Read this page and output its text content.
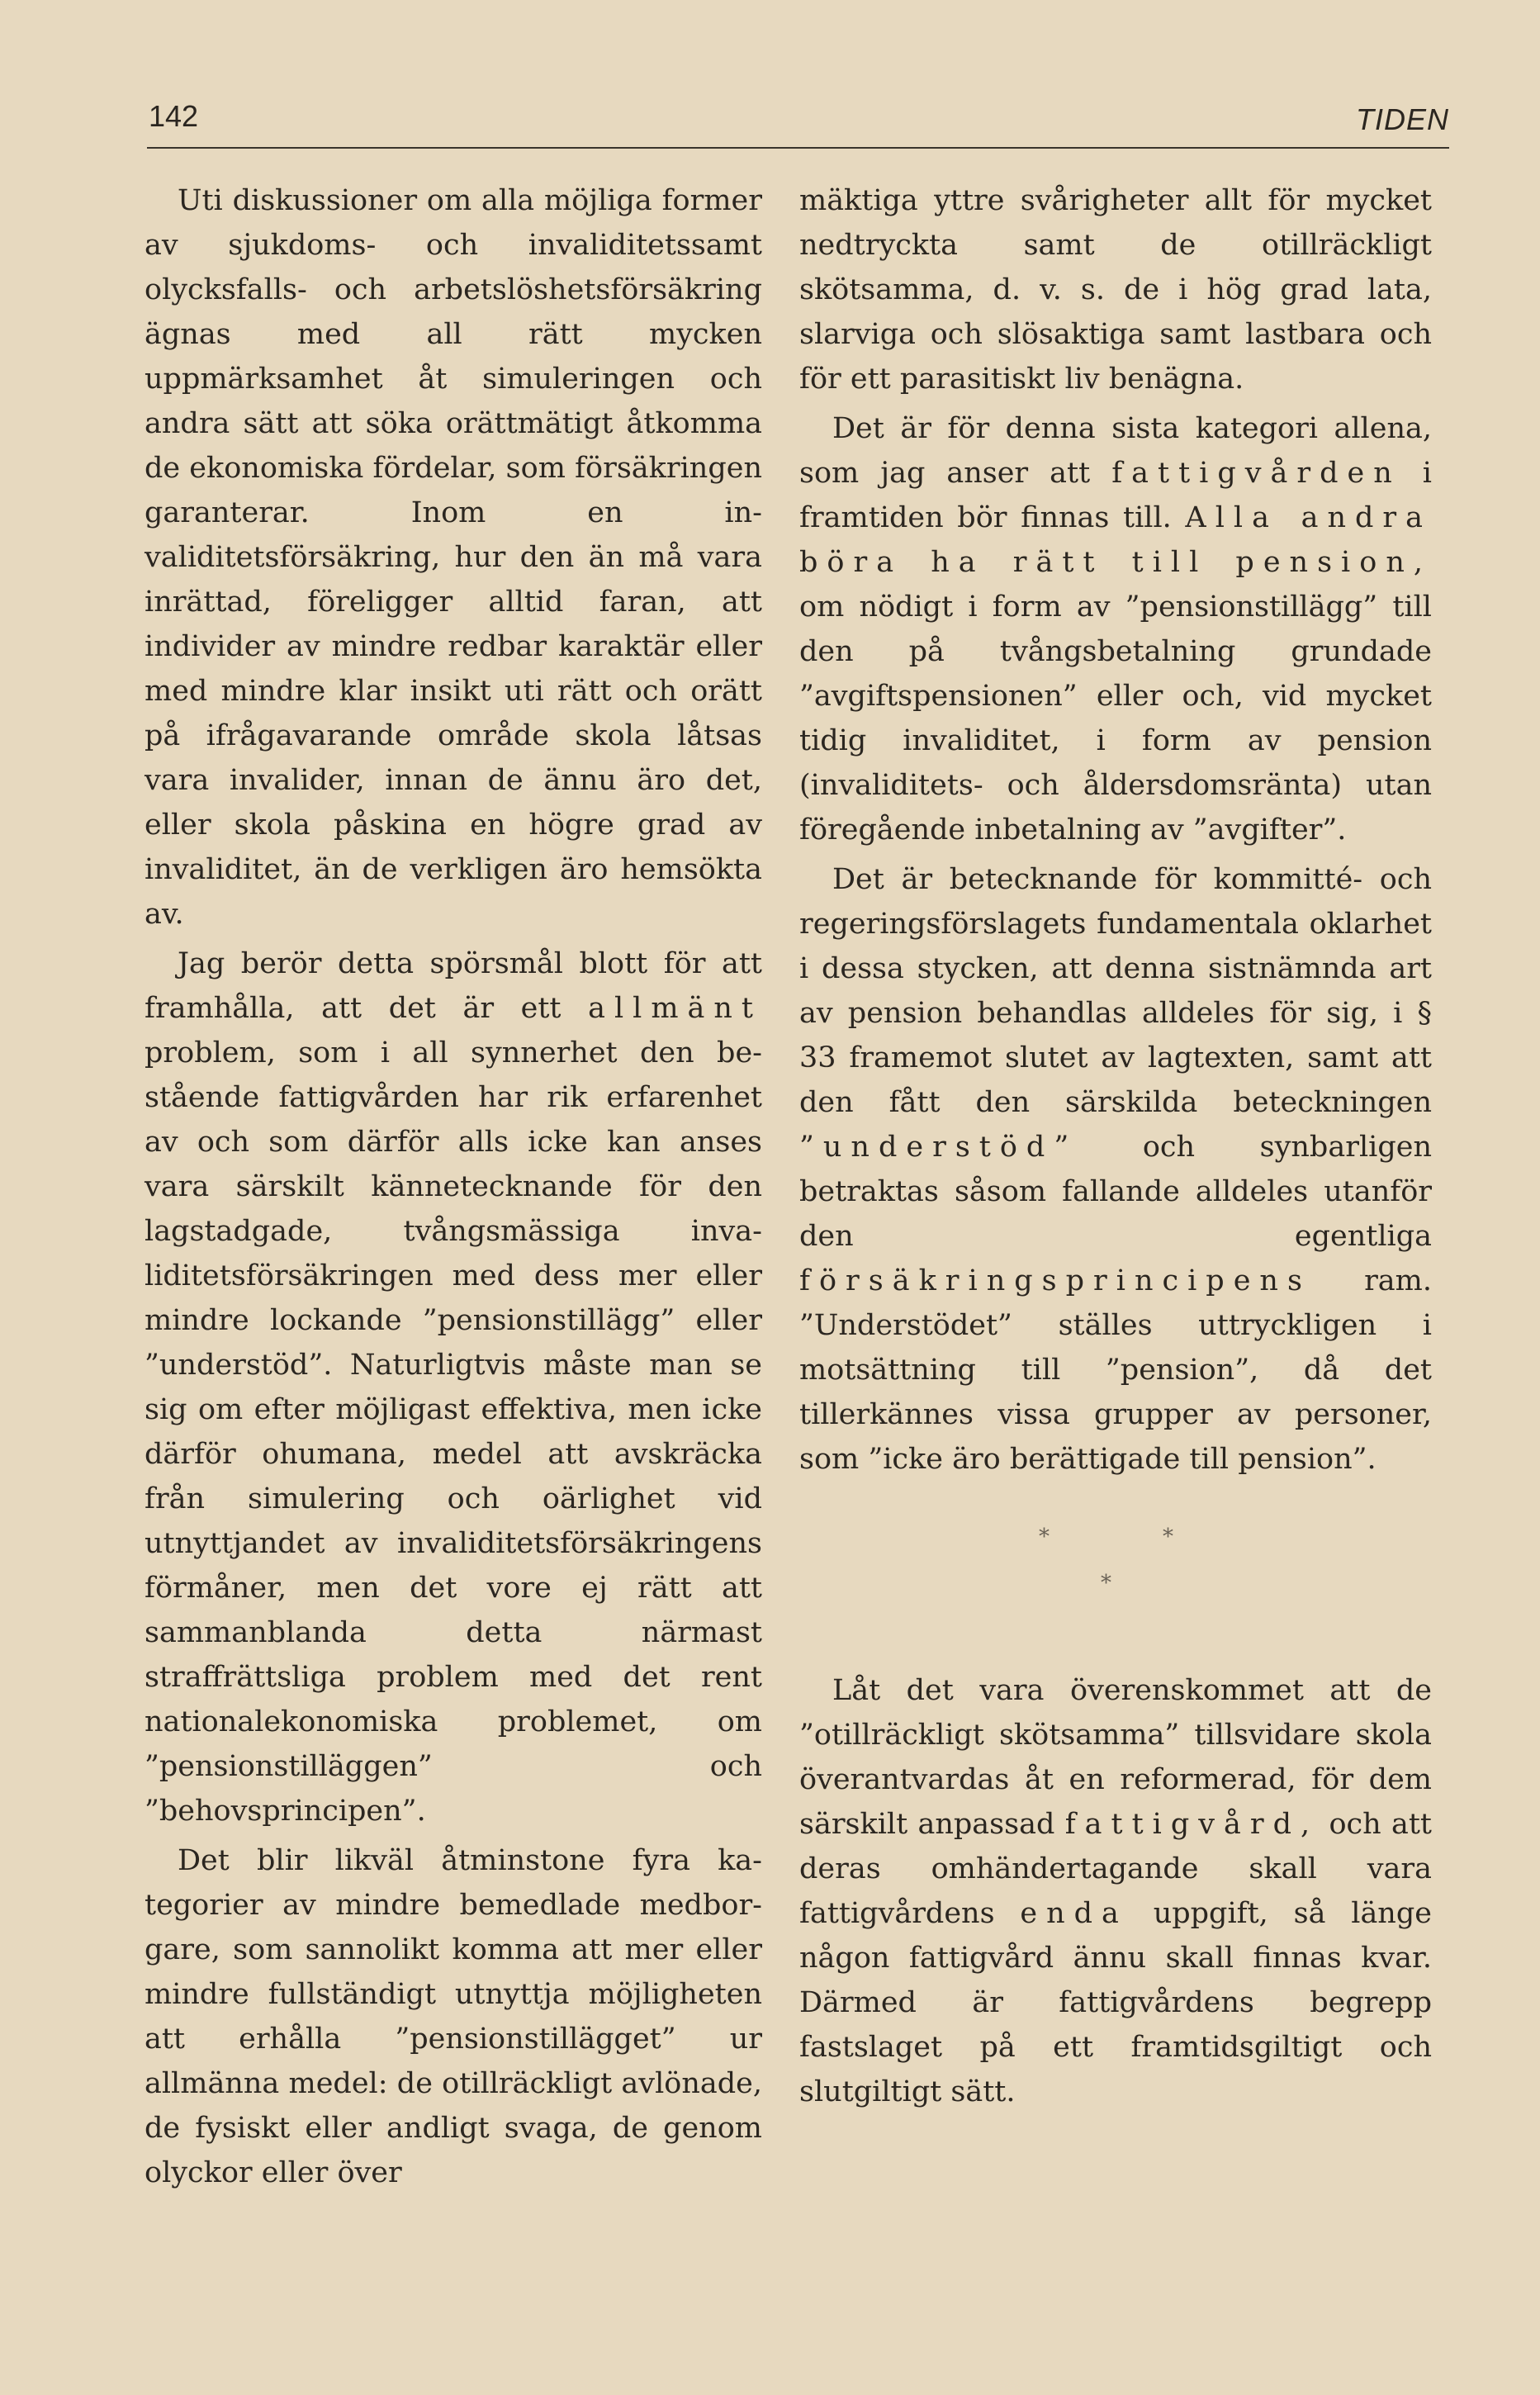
142	TIDEN

Uti diskussioner om alla möjliga former av sjukdoms- och invaliditetssamt olycksfalls- och arbetslöshetsförsäkring ägnas med all rätt mycken uppmärksamhet åt simuleringen och andra sätt att söka orättmätigt åtkomma de ekonomiska fördelar, som försäkringen garanterar. Inom en invaliditetsförsäkring, hur den än må vara inrättad, föreligger alltid faran, att individer av mindre redbar karaktär eller med mindre klar insikt uti rätt och orätt på ifrågavarande område skola låtsas vara invalider, innan de ännu äro det, eller skola påskina en högre grad av invaliditet, än de verkligen äro hemsökta av.

Jag berör detta spörsmål blott för att framhålla, att det är ett allmänt problem, som i all synnerhet den bestående fattigvården har rik erfarenhet av och som därför alls icke kan anses vara särskilt kännetecknande för den lagstadgade, tvångsmässiga invaliditetsförsäkringen med dess mer eller mindre lockande ”pensionstillägg” eller ”understöd”. Naturligtvis måste man se sig om efter möjligast effektiva, men icke därför ohumana, medel att avskräcka från simulering och oärlighet vid utnyttjandet av invaliditetsförsäkringens förmåner, men det vore ej rätt att sammanblanda detta närmast straffrättsliga problem med det rent nationalekonomiska problemet, om ”pensionstilläggen” och ”behovsprincipen”.

Det blir likväl åtminstone fyra kategorier av mindre bemedlade medborgare, som sannolikt komma att mer eller mindre fullständigt utnyttja möjligheten att erhålla ”pensionstillägget” ur allmänna medel: de otillräckligt avlönade, de fysiskt eller andligt svaga, de genom olyckor eller över

mäktiga yttre svårigheter allt för mycket nedtryckta samt de otillräckligt skötsamma, d. v. s. de i hög grad lata, slarviga och slösaktiga samt lastbara och för ett parasitiskt liv benägna.

Det är för denna sista kategori allena, som jag anser att fattigvården i framtiden bör finnas till. Alla andra böra ha rätt till pension, om nödigt i form av ”pensionstillägg” till den på tvångsbetalning grundade ”avgiftspensionen” eller och, vid mycket tidig invaliditet, i form av pension (invaliditets- och åldersdomsränta) utan föregående inbetalning av ”avgifter”.

Det är betecknande för kommitté- och regeringsförslagets fundamentala oklarhet i dessa stycken, att denna sistnämnda art av pension behandlas alldeles för sig, i § 33 framemot slutet av lagtexten, samt att den fått den särskilda beteckningen ”understöd” och synbarligen betraktas såsom fallande alldeles utanför den egentliga försäkringsprincipens ram. ”Understödet” ställes uttryckligen i motsättning till ”pension”, då det tillerkännes vissa grupper av personer, som ”icke äro berättigade till pension”.

*	*
*

Låt det vara överenskommet att de ”otillräckligt skötsamma” tillsvidare skola överantvardas åt en reformerad, för dem särskilt anpassad fattigvård, och att deras omhändertagande skall vara fattigvårdens enda uppgift, så länge någon fattigvård ännu skall finnas kvar. Därmed är fattigvårdens begrepp fastslaget på ett framtidsgiltigt och slutgiltigt sätt.
